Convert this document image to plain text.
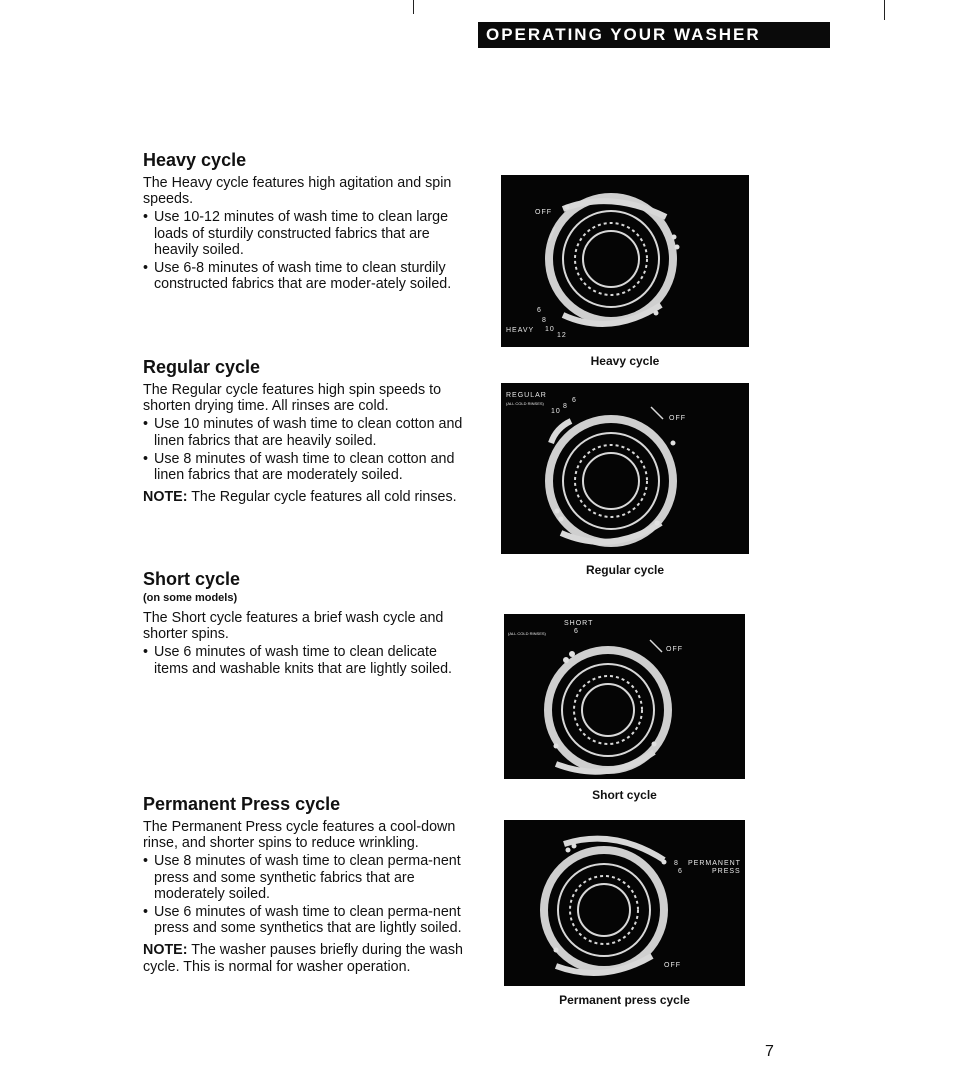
OPERATING YOUR WASHER
Heavy cycle

The Heavy cycle features high agitation and spin speeds.

• Use 10-12 minutes of wash time to clean large loads of sturdily constructed fabrics that are heavily soiled.
• Use 6-8 minutes of wash time to clean sturdily constructed fabrics that are moder-ately soiled.
Regular cycle

The Regular cycle features high spin speeds to shorten drying time. All rinses are cold.

• Use 10 minutes of wash time to clean cotton and linen fabrics that are heavily soiled.
• Use 8 minutes of wash time to clean cotton and linen fabrics that are moderately soiled.

NOTE: The Regular cycle features all cold rinses.

Short cycle
(on some models)

The Short cycle features a brief wash cycle and shorter spins.

• Use 6 minutes of wash time to clean delicate items and washable knits that are lightly soiled.
Permanent Press cycle

The Permanent Press cycle features a cool-down rinse, and shorter spins to reduce wrinkling.

• Use 8 minutes of wash time to clean perma-nent press and some synthetic fabrics that are moderately soiled.
• Use 6 minutes of wash time to clean perma-nent press and some synthetics that are lightly soiled.

NOTE: The washer pauses briefly during the wash cycle. This is normal for washer operation.

OFF
HEAVY
6
8
10
12
Heavy cycle
REGULAR
(ALL COLD RINSES)	8
6
10
OFF
Regular cycle
SHORT
(ALL COLD RINSES)	6
OFF
Short cycle
8
6
PERMANENT
PRESS
OFF
Permanent press cycle
7
